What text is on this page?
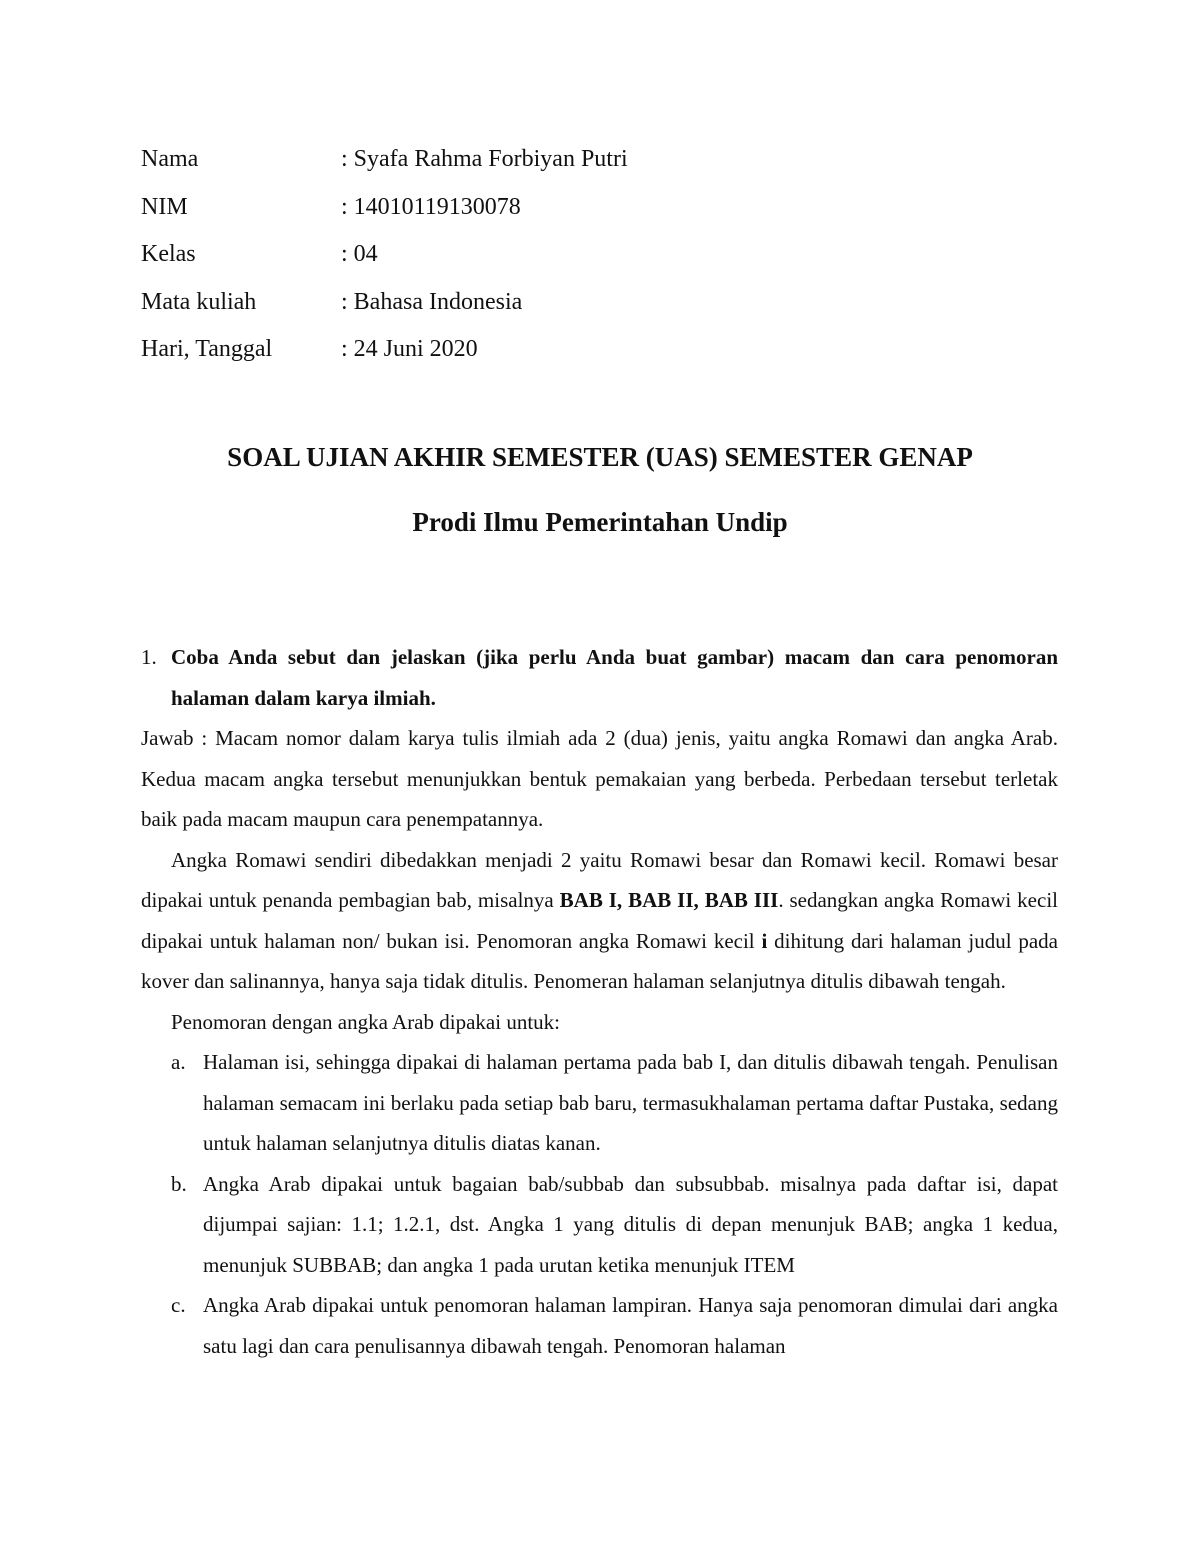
Nama	: Syafa Rahma Forbiyan Putri
NIM	: 14010119130078
Kelas	: 04
Mata kuliah	: Bahasa Indonesia
Hari, Tanggal	: 24 Juni 2020
SOAL UJIAN AKHIR SEMESTER (UAS) SEMESTER GENAP
Prodi Ilmu Pemerintahan Undip
1. Coba Anda sebut dan jelaskan (jika perlu Anda buat gambar) macam dan cara penomoran halaman dalam karya ilmiah.

Jawab : Macam nomor dalam karya tulis ilmiah ada 2 (dua) jenis, yaitu angka Romawi dan angka Arab. Kedua macam angka tersebut menunjukkan bentuk pemakaian yang berbeda. Perbedaan tersebut terletak baik pada macam maupun cara penempatannya.

Angka Romawi sendiri dibedakkan menjadi 2 yaitu Romawi besar dan Romawi kecil. Romawi besar dipakai untuk penanda pembagian bab, misalnya BAB I, BAB II, BAB III. sedangkan angka Romawi kecil dipakai untuk halaman non/ bukan isi. Penomoran angka Romawi kecil i dihitung dari halaman judul pada kover dan salinannya, hanya saja tidak ditulis. Penomeran halaman selanjutnya ditulis dibawah tengah.

Penomoran dengan angka Arab dipakai untuk:

a. Halaman isi, sehingga dipakai di halaman pertama pada bab I, dan ditulis dibawah tengah. Penulisan halaman semacam ini berlaku pada setiap bab baru, termasukhalaman pertama daftar Pustaka, sedang untuk halaman selanjutnya ditulis diatas kanan.
b. Angka Arab dipakai untuk bagaian bab/subbab dan subsubbab. misalnya pada daftar isi, dapat dijumpai sajian: 1.1; 1.2.1, dst. Angka 1 yang ditulis di depan menunjuk BAB; angka 1 kedua, menunjuk SUBBAB; dan angka 1 pada urutan ketika menunjuk ITEM
c. Angka Arab dipakai untuk penomoran halaman lampiran. Hanya saja penomoran dimulai dari angka satu lagi dan cara penulisannya dibawah tengah. Penomoran halaman
